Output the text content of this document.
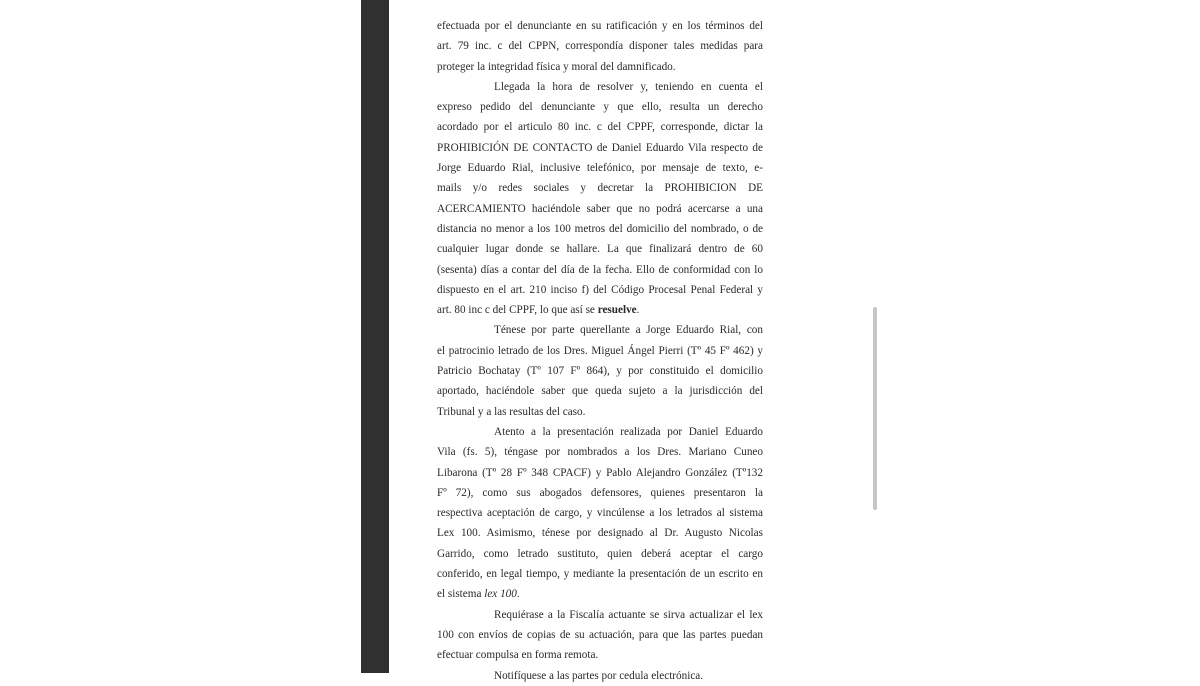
efectuada por el denunciante en su ratificación y en los términos del
art. 79 inc. c del CPPN, correspondía disponer tales medidas para
proteger la integridad física y moral del damnificado.
Llegada la hora de resolver y, teniendo en cuenta el
expreso pedido del denunciante y que ello, resulta un derecho
acordado por el articulo 80 inc. c del CPPF, corresponde, dictar la
PROHIBICIÓN DE CONTACTO de Daniel Eduardo Vila respecto de
Jorge Eduardo Rial, inclusive telefónico, por mensaje de texto, e-
mails y/o redes sociales y decretar la PROHIBICION DE
ACERCAMIENTO haciéndole saber que no podrá acercarse a una
distancia no menor a los 100 metros del domicilio del nombrado, o de
cualquier lugar donde se hallare. La que finalizará dentro de 60
(sesenta) días a contar del día de la fecha. Ello de conformidad con lo
dispuesto en el art. 210 inciso f) del Código Procesal Penal Federal y
art. 80 inc c del CPPF, lo que así se resuelve.
Ténese por parte querellante a Jorge Eduardo Rial, con
el patrocinio letrado de los Dres. Miguel Ángel Pierri (Tº 45 Fº 462) y
Patricio Bochatay (Tº 107 Fº 864), y por constituido el domicilio
aportado, haciéndole saber que queda sujeto a la jurisdicción del
Tribunal y a las resultas del caso.
Atento a la presentación realizada por Daniel Eduardo
Vila (fs. 5), téngase por nombrados a los Dres. Mariano Cuneo
Libarona (Tº 28 Fº 348 CPACF) y Pablo Alejandro González (Tº132
Fº 72), como sus abogados defensores, quienes presentaron la
respectiva aceptación de cargo, y vincúlense a los letrados al sistema
Lex 100. Asimismo, ténese por designado al Dr. Augusto Nicolas
Garrido, como letrado sustituto, quien deberá aceptar el cargo
conferido, en legal tiempo, y mediante la presentación de un escrito en
el sistema lex 100.
Requiérase a la Fiscalía actuante se sirva actualizar el lex
100 con envíos de copias de su actuación, para que las partes puedan
efectuar compulsa en forma remota.
Notifíquese a las partes por cedula electrónica.
